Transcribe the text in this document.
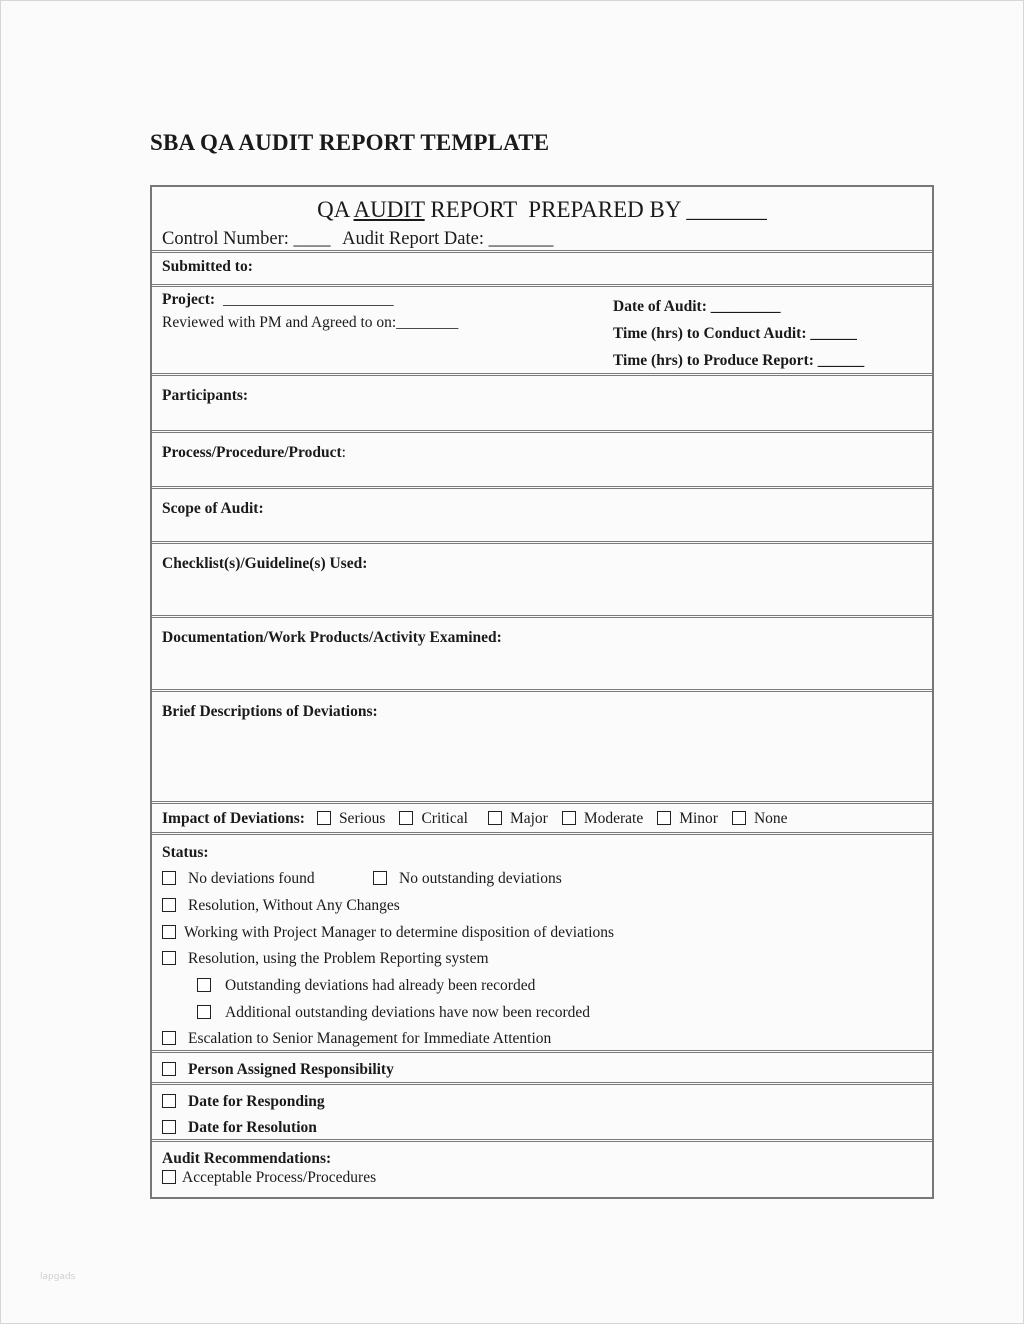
SBA QA AUDIT REPORT TEMPLATE
QA AUDIT REPORT  PREPARED BY _______
Control Number: ____ Audit Report Date: _______
Submitted to:
Project: ______________________
Reviewed with PM and Agreed to on:________
Date of Audit: _________
Time (hrs) to Conduct Audit: ______
Time (hrs) to Produce Report: ______
Participants:
Process/Procedure/Product:
Scope of Audit:
Checklist(s)/Guideline(s) Used:
Documentation/Work Products/Activity Examined:
Brief Descriptions of Deviations:
Impact of Deviations: Serious Critical	Major Moderate Minor None
Status:
No deviations found	No outstanding deviations
Resolution, Without Any Changes
Working with Project Manager to determine disposition of deviations
Resolution, using the Problem Reporting system
Outstanding deviations had already been recorded
Additional outstanding deviations have now been recorded
Escalation to Senior Management for Immediate Attention
Person Assigned Responsibility
Date for Responding
Date for Resolution
Audit Recommendations:
Acceptable Process/Procedures
lapgads
